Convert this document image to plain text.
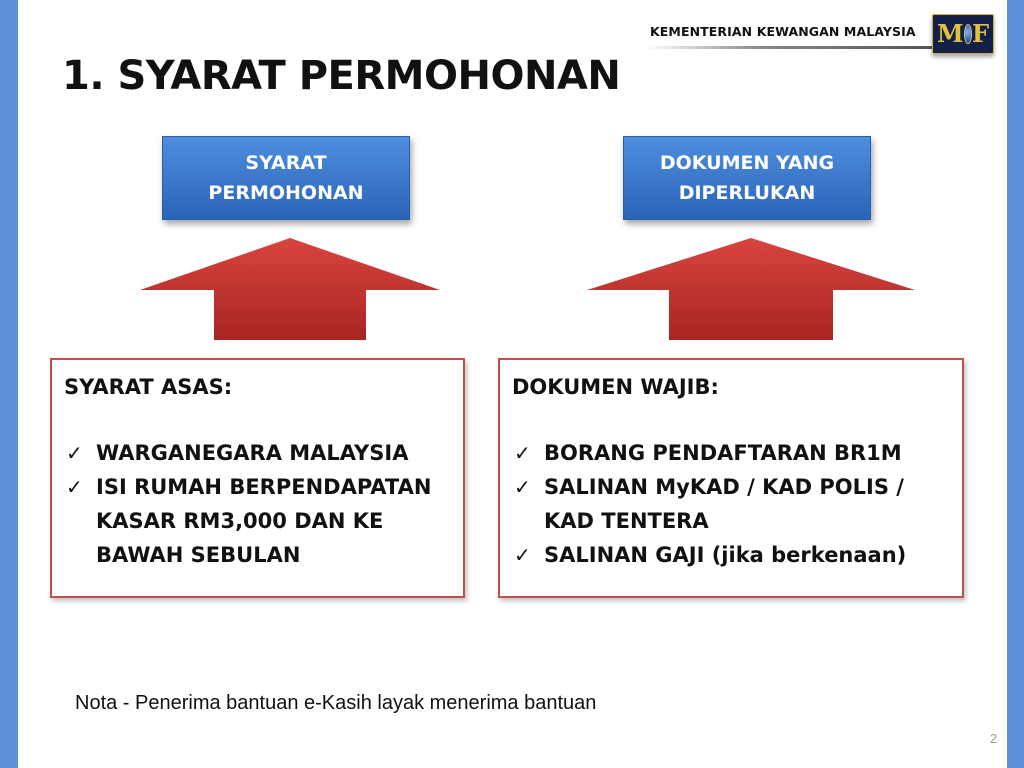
KEMENTERIAN KEWANGAN MALAYSIA M F
1. SYARAT PERMOHONAN
SYARAT
PERMOHONAN
DOKUMEN YANG
DIPERLUKAN
SYARAT ASAS:
✓ WARGANEGARA MALAYSIA
✓ ISI RUMAH BERPENDAPATAN KASAR RM3,000 DAN KE BAWAH SEBULAN
DOKUMEN WAJIB:
✓ BORANG PENDAFTARAN BR1M
✓ SALINAN MyKAD / KAD POLIS / KAD TENTERA
✓ SALINAN GAJI (jika berkenaan)
Nota - Penerima bantuan e-Kasih layak menerima bantuan
2
